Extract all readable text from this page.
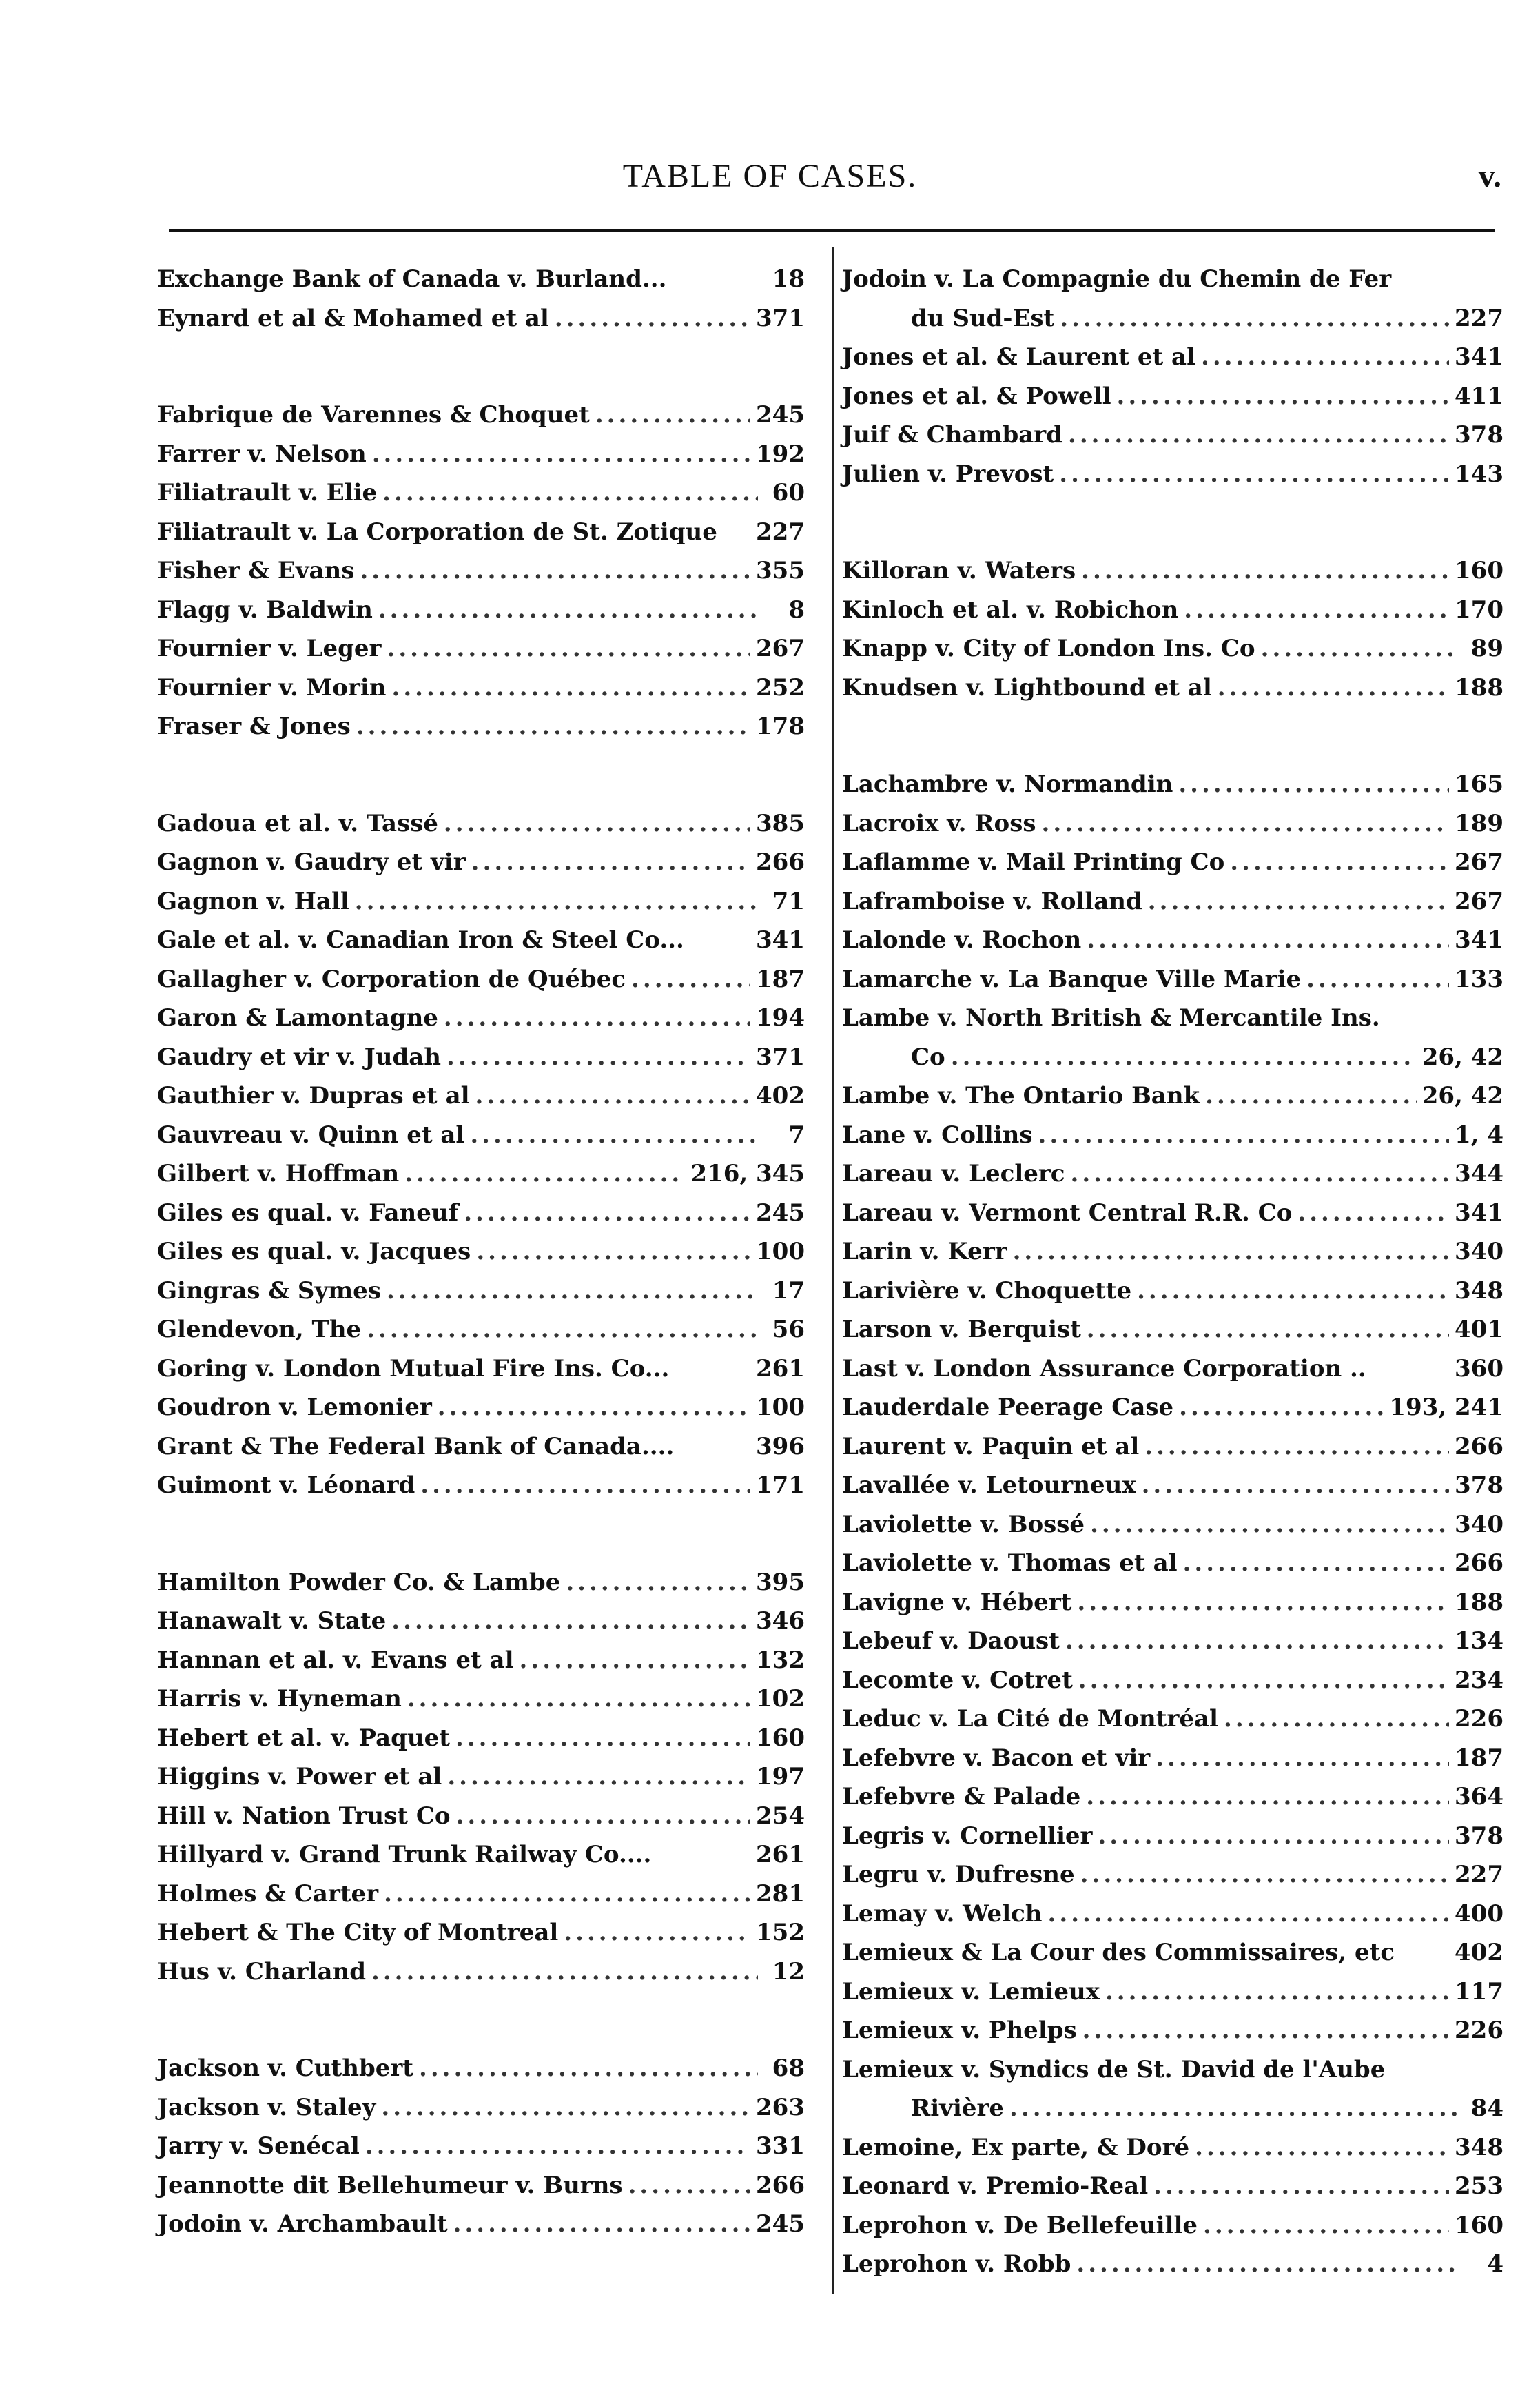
TABLE OF CASES.	v.
Exchange Bank of Canada v. Burland...	18
Eynard et al & Mohamed et al .....	371
Fabrique de Varennes & Choquet .....	245
Farrer v. Nelson .....	192
Filiatrault v. Elie .....	60
Filiatrault v. La Corporation de St. Zotique 227
Fisher & Evans .....	355
Flagg v. Baldwin .....	8
Fournier v. Leger .....	267
Fournier v. Morin .....	252
Fraser & Jones .....	178
Gadoua et al. v. Tassé .....	385
Gagnon v. Gaudry et vir .....	266
Gagnon v. Hall .....	71
Gale et al. v. Canadian Iron & Steel Co...	341
Gallagher v. Corporation de Québec .....	187
Garon & Lamontagne .....	194
Gaudry et vir v. Judah .....	371
Gauthier v. Dupras et al .....	402
Gauvreau v. Quinn et al .....	7
Gilbert v. Hoffman .....	216, 345
Giles es qual. v. Faneuf .....	245
Giles es qual. v. Jacques .....	100
Gingras & Symes .....	17
Glendevon, The .....	56
Goring v. London Mutual Fire Ins. Co...	261
Goudron v. Lemonier .....	100
Grant & The Federal Bank of Canada....	396
Guimont v. Léonard .....	171
Hamilton Powder Co. & Lambe .....	395
Hanawalt v. State .....	346
Hannan et al. v. Evans et al .....	132
Harris v. Hyneman .....	102
Hebert et al. v. Paquet .....	160
Higgins v. Power et al .....	197
Hill v. Nation Trust Co .....	254
Hillyard v. Grand Trunk Railway Co....	261
Holmes & Carter .....	281
Hebert & The City of Montreal .....	152
Hus v. Charland .....	12
Jackson v. Cuthbert .....	68
Jackson v. Staley .....	263
Jarry v. Senécal .....	331
Jeannotte dit Bellehumeur v. Burns .....	266
Jodoin v. Archambault .....	245
Jodoin v. La Compagnie du Chemin de Fer
du Sud-Est .....	227
Jones et al. & Laurent et al .....	341
Jones et al. & Powell .....	411
Juif & Chambard .....	378
Julien v. Prevost .....	143
Killoran v. Waters .....	160
Kinloch et al. v. Robichon .....	170
Knapp v. City of London Ins. Co .....	89
Knudsen v. Lightbound et al .....	188
Lachambre v. Normandin .....	165
Lacroix v. Ross .....	189
Laflamme v. Mail Printing Co .....	267
Laframboise v. Rolland .....	267
Lalonde v. Rochon .....	341
Lamarche v. La Banque Ville Marie .....	133
Lambe v. North British & Mercantile Ins.
Co .....	26, 42
Lambe v. The Ontario Bank .....	26, 42
Lane v. Collins .....	1, 4
Lareau v. Leclerc .....	344
Lareau v. Vermont Central R.R. Co .....	341
Larin v. Kerr .....	340
Larivière v. Choquette .....	348
Larson v. Berquist .....	401
Last v. London Assurance Corporation ..	360
Lauderdale Peerage Case .....	193, 241
Laurent v. Paquin et al .....	266
Lavallée v. Letourneux .....	378
Laviolette v. Bossé .....	340
Laviolette v. Thomas et al .....	266
Lavigne v. Hébert .....	188
Lebeuf v. Daoust .....	134
Lecomte v. Cotret .....	234
Leduc v. La Cité de Montréal .....	226
Lefebvre v. Bacon et vir .....	187
Lefebvre & Palade .....	364
Legris v. Cornellier .....	378
Legru v. Dufresne .....	227
Lemay v. Welch .....	400
Lemieux & La Cour des Commissaires, etc	402
Lemieux v. Lemieux .....	117
Lemieux v. Phelps .....	226
Lemieux v. Syndics de St. David de l'Aube
Rivière .....	84
Lemoine, Ex parte, & Doré .....	348
Leonard v. Premio-Real .....	253
Leprohon v. De Bellefeuille .....	160
Leprohon v. Robb .....	4
